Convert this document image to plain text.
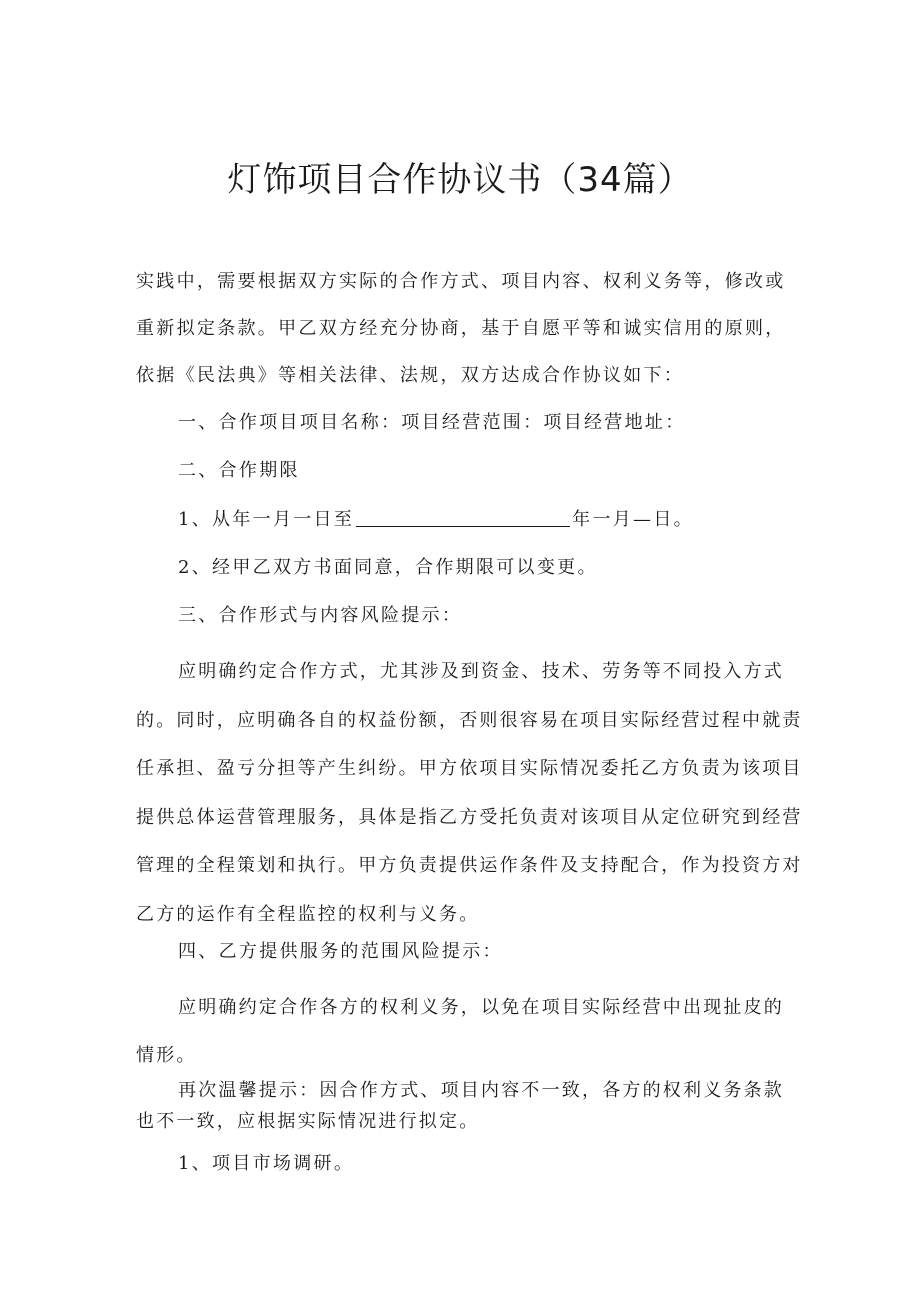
灯饰项目合作协议书（34篇）
实践中，需要根据双方实际的合作方式、项目内容、权利义务等，修改或
重新拟定条款。甲乙双方经充分协商，基于自愿平等和诚实信用的原则，
依据《民法典》等相关法律、法规，双方达成合作协议如下：
一、合作项目项目名称：项目经营范围：项目经营地址：
二、合作期限
1、从年一月一日至	年一月—日。
2、经甲乙双方书面同意，合作期限可以变更。
三、合作形式与内容风险提示：
应明确约定合作方式，尤其涉及到资金、技术、劳务等不同投入方式
的。同时，应明确各自的权益份额，否则很容易在项目实际经营过程中就责
任承担、盈亏分担等产生纠纷。甲方依项目实际情况委托乙方负责为该项目
提供总体运营管理服务，具体是指乙方受托负责对该项目从定位研究到经营
管理的全程策划和执行。甲方负责提供运作条件及支持配合，作为投资方对
乙方的运作有全程监控的权利与义务。
四、乙方提供服务的范围风险提示：
应明确约定合作各方的权利义务，以免在项目实际经营中出现扯皮的
情形。
再次温馨提示：因合作方式、项目内容不一致，各方的权利义务条款
也不一致，应根据实际情况进行拟定。
1、项目市场调研。
